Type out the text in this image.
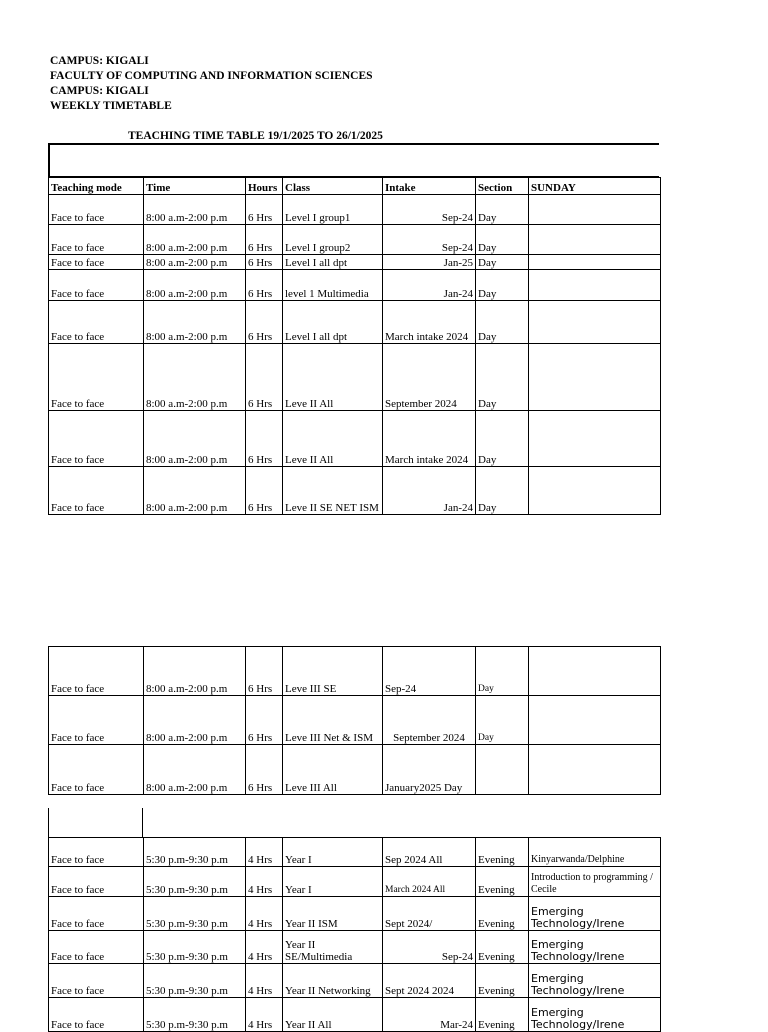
CAMPUS: KIGALI
FACULTY OF COMPUTING AND INFORMATION SCIENCES
CAMPUS: KIGALI
WEEKLY TIMETABLE
TEACHING TIME TABLE 19/1/2025 TO 26/1/2025
Teaching mode	Time	Hours	Class	Intake	Section	SUNDAY
Face to face	8:00 a.m-2:00 p.m	6 Hrs	Level I group1	Sep-24	Day	
Face to face	8:00 a.m-2:00 p.m	6 Hrs	Level I group2	Sep-24	Day	
Face to face	8:00 a.m-2:00 p.m	6 Hrs	Level I all dpt	Jan-25	Day	
Face to face	8:00 a.m-2:00 p.m	6 Hrs	level 1 Multimedia	Jan-24	Day	
Face to face	8:00 a.m-2:00 p.m	6 Hrs	Level I all dpt	March intake 2024	Day	
Face to face	8:00 a.m-2:00 p.m	6 Hrs	Leve II All	September 2024	Day	
Face to face	8:00 a.m-2:00 p.m	6 Hrs	Leve II All	March intake 2024	Day	
Face to face	8:00 a.m-2:00 p.m	6 Hrs	Leve II SE NET ISM	Jan-24	Day	
Face to face	8:00 a.m-2:00 p.m	6 Hrs	Leve III SE	Sep-24	Day	
Face to face	8:00 a.m-2:00 p.m	6 Hrs	Leve III Net & ISM	September 2024	Day	
Face to face	8:00 a.m-2:00 p.m	6 Hrs	Leve III All	January2025 Day		
Face to face	5:30 p.m-9:30 p.m	4 Hrs	Year I	Sep 2024 All	Evening	Kinyarwanda/Delphine
Face to face	5:30 p.m-9:30 p.m	4 Hrs	Year I	March 2024 All	Evening	Introduction to programming / Cecile
Face to face	5:30 p.m-9:30 p.m	4 Hrs	Year II ISM	Sept 2024/	Evening	Emerging Technology/Irene
Face to face	5:30 p.m-9:30 p.m	4 Hrs	Year II SE/Multimedia	Sep-24	Evening	Emerging Technology/Irene
Face to face	5:30 p.m-9:30 p.m	4 Hrs	Year II Networking	Sept 2024 2024	Evening	Emerging Technology/Irene
Face to face	5:30 p.m-9:30 p.m	4 Hrs	Year II All	Mar-24	Evening	Emerging Technology/Irene
